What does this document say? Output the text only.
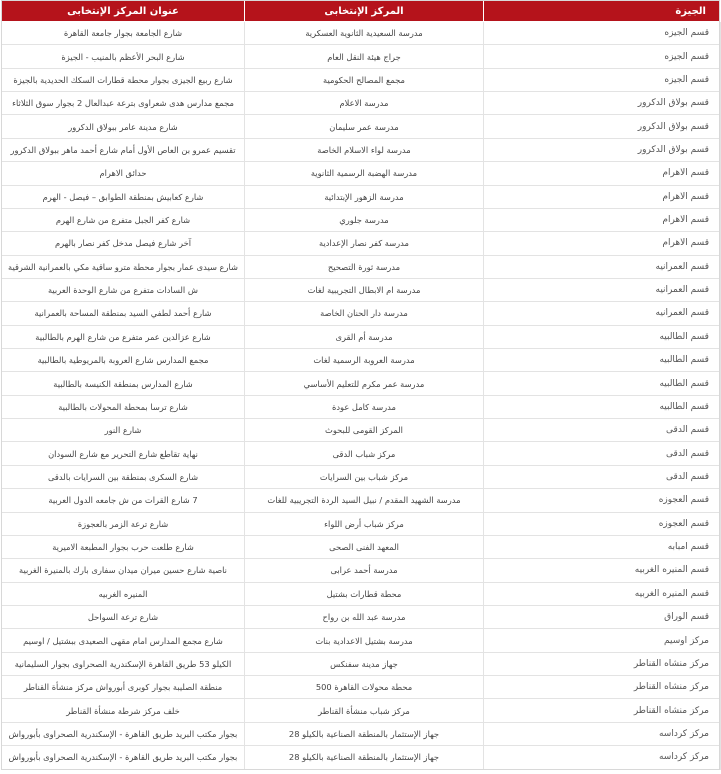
الجيزة	المركز الإنتخابى	عنوان المركز الإنتخابى
قسم الجيزه	مدرسة السعيدية الثانوية العسكرية	شارع الجامعة بجوار جامعة القاهرة
قسم الجيزه	جراج هيئة النقل العام	شارع البحر الأعظم بالمنيب - الجيزة
قسم الجيزه	مجمع المصالح الحكومية	شارع ربيع الجيزى بجوار محطة قطارات السكك الحديدية بالجيزة
قسم بولاق الدكرور	مدرسة الاعلام	مجمع مدارس هدى شعراوى بترعة عبدالعال 2 بجوار سوق الثلاثاء
قسم بولاق الدكرور	مدرسة عمر سليمان	شارع مدينة عامر ببولاق الدكرور
قسم بولاق الدكرور	مدرسة لواء الاسلام الخاصة	تقسيم عمرو بن العاص الأول أمام شارع أحمد ماهر ببولاق الدكرور
قسم الاهرام	مدرسة الهضبة الرسمية الثانوية	حدائق الاهرام
قسم الاهرام	مدرسة الزهور الإبتدائية	شارع كعابيش بمنطقة الطوابق – فيصل - الهرم
قسم الاهرام	مدرسة جلوري	شارع كفر الجبل متفرع من شارع الهرم
قسم الاهرام	مدرسة كفر نصار الإعدادية	آخر شارع فيصل مدخل كفر نصار بالهرم
قسم العمرانيه	مدرسة ثورة التصحيح	شارع سيدى عمار بجوار محطة مترو ساقية مكي بالعمرانية الشرقية
قسم العمرانيه	مدرسة ام الابطال التجريبية لغات	ش السادات متفرع من شارع الوحدة العربية
قسم العمرانيه	مدرسة دار الحنان الخاصة	شارع أحمد لطفي السيد بمنطقة المساحة بالعمرانية
قسم الطالبيه	مدرسة أم القرى	شارع عزالدين عمر متفرع من شارع الهرم بالطالبية
قسم الطالبيه	مدرسة العروبة الرسمية لغات	مجمع المدارس شارع العروبة بالمريوطية بالطالبية
قسم الطالبيه	مدرسة عمر مكرم للتعليم الأساسي	شارع المدارس بمنطقة الكنيسة بالطالبية
قسم الطالبيه	مدرسة كامل عودة	شارع ترسا بمحطة المحولات بالطالبية
قسم الدقى	المركز القومى للبحوث	شارع النور
قسم الدقى	مركز شباب الدقى	نهاية تقاطع شارع التحرير مع شارع السودان
قسم الدقى	مركز شباب بين السرايات	شارع السكرى بمنطقة بين السرايات بالدقى
قسم العجوزه	مدرسة الشهيد المقدم / نبيل السيد الردة التجريبية للغات	7 شارع القرات من ش جامعه الدول العربية
قسم العجوزه	مركز شباب أرض اللواء	شارع ترعة الزمر بالعجوزة
قسم امبابه	المعهد الفنى الصحى	شارع طلعت حرب بجوار المطبعة الاميرية
قسم المنيره الغربيه	مدرسة أحمد عرابى	ناصية شارع حسين ميران ميدان سفارى بارك بالمنيرة الغربية
قسم المنيره الغربيه	محطة قطارات بشتيل	المنيره الغربيه
قسم الوراق	مدرسة عبد الله بن رواح	شارع ترعة السواحل
مركز اوسيم	مدرسة بشتيل الاعدادية بنات	شارع مجمع المدارس امام مقهى الصعيدى ببشتيل / اوسيم
مركز منشاه القناطر	جهاز مدينة سفنكس	الكيلو 53 طريق القاهرة الإسكندرية الصحراوى بجوار السليمانية
مركز منشاه القناطر	محطة محولات القاهرة 500	منطقة الصليبة بجوار كوبرى أبورواش مركز منشأة القناطر
مركز منشاه القناطر	مركز شباب منشأة القناطر	خلف مركز شرطة منشأة القناطر
مركز كرداسه	جهاز الإستثمار بالمنطقة الصناعية بالكيلو 28	بجوار مكتب البريد طريق القاهرة - الإسكندرية الصحراوى بأبورواش
مركز كرداسه	جهاز الإستثمار بالمنطقة الصناعية بالكيلو 28	بجوار مكتب البريد طريق القاهرة - الإسكندرية الصحراوى بأبورواش
